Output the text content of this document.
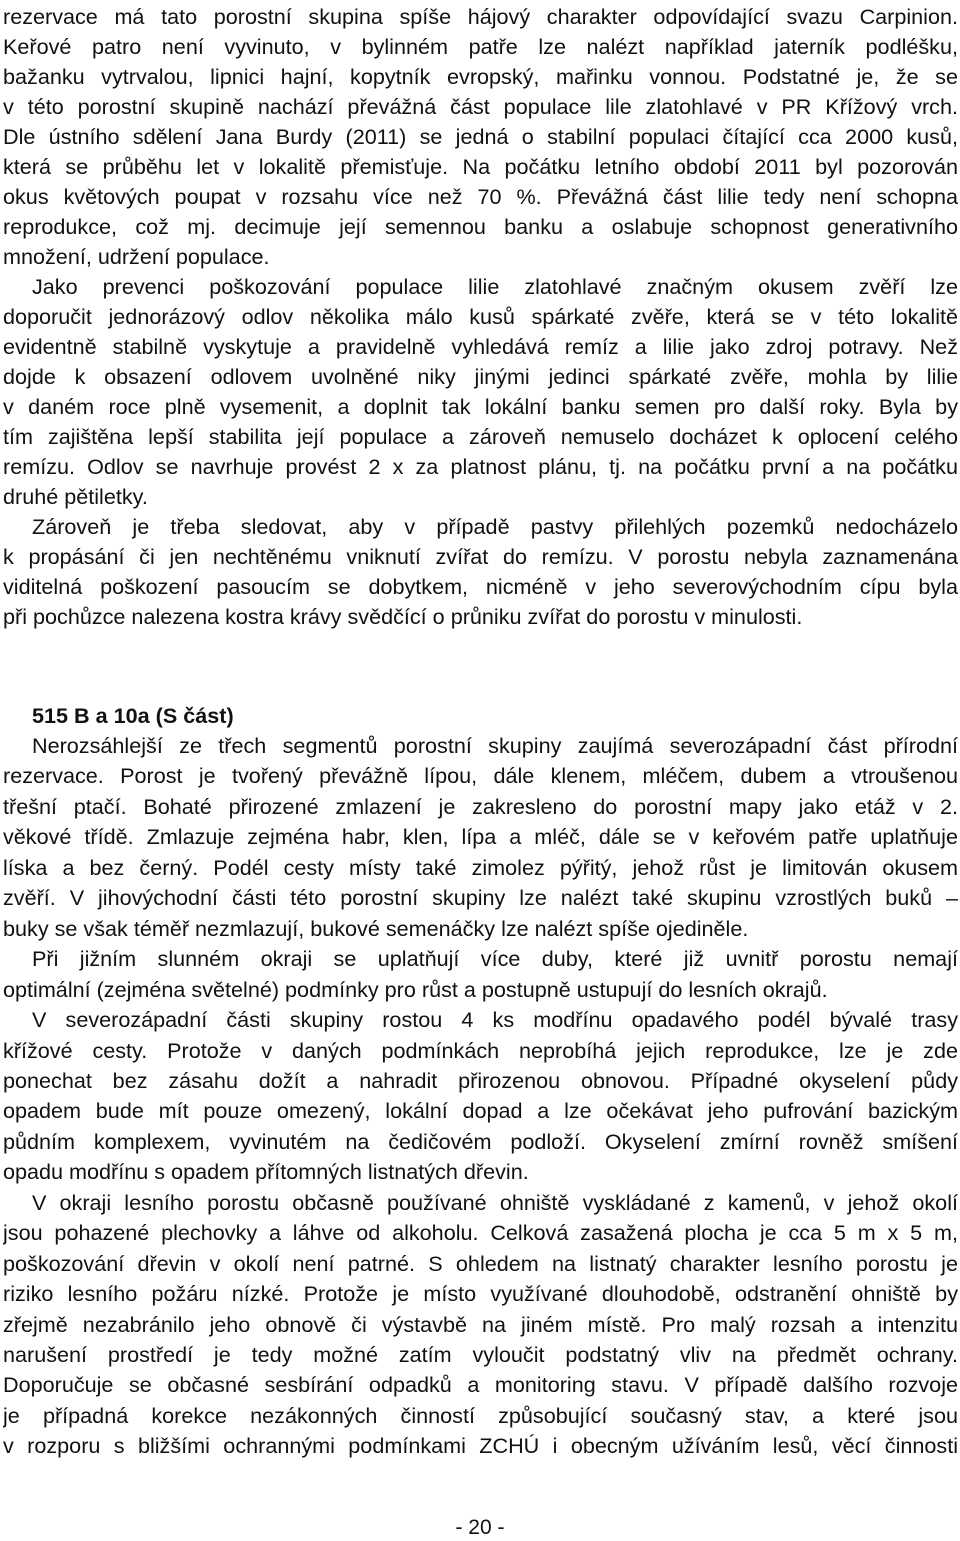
rezervace má tato porostní skupina spíše hájový charakter odpovídající svazu Carpinion.
Keřové patro není vyvinuto, v bylinném patře lze nalézt například jaterník podléšku,
bažanku vytrvalou, lipnici hajní, kopytník evropský, mařinku vonnou. Podstatné je, že se
v této porostní skupině nachází převážná část populace lile zlatohlavé v PR Křížový vrch.
Dle ústního sdělení Jana Burdy (2011) se jedná o stabilní populaci čítající cca 2000 kusů,
která se průběhu let v lokalitě přemisťuje. Na počátku letního období 2011 byl pozorován
okus květových poupat v rozsahu více než 70 %. Převážná část lilie tedy není schopna
reprodukce, což mj. decimuje její semennou banku a oslabuje schopnost generativního
množení, udržení populace.
Jako prevenci poškozování populace lilie zlatohlavé značným okusem zvěří lze
doporučit jednorázový odlov několika málo kusů spárkaté zvěře, která se v této lokalitě
evidentně stabilně vyskytuje a pravidelně vyhledává remíz a lilie jako zdroj potravy. Než
dojde k obsazení odlovem uvolněné niky jinými jedinci spárkaté zvěře, mohla by lilie
v daném roce plně vysemenit, a doplnit tak lokální banku semen pro další roky. Byla by
tím zajištěna lepší stabilita její populace a zároveň nemuselo docházet k oplocení celého
remízu. Odlov se navrhuje provést 2 x za platnost plánu, tj. na počátku první a na počátku
druhé pětiletky.
Zároveň je třeba sledovat, aby v případě pastvy přilehlých pozemků nedocházelo
k propásání či jen nechtěnému vniknutí zvířat do remízu. V porostu nebyla zaznamenána
viditelná poškození pasoucím se dobytkem, nicméně v jeho severovýchodním cípu byla
při pochůzce nalezena kostra krávy svědčící o průniku zvířat do porostu v minulosti.
515 B a 10a (S část)
Nerozsáhlejší ze třech segmentů porostní skupiny zaujímá severozápadní část přírodní
rezervace. Porost je tvořený převážně lípou, dále klenem, mléčem, dubem a vtroušenou
třešní ptačí. Bohaté přirozené zmlazení je zakresleno do porostní mapy jako etáž v 2.
věkové třídě. Zmlazuje zejména habr, klen, lípa a mléč, dále se v keřovém patře uplatňuje
líska a bez černý. Podél cesty místy také zimolez pýřitý, jehož růst je limitován okusem
zvěří. V jihovýchodní části této porostní skupiny lze nalézt také skupinu vzrostlých buků –
buky se však téměř nezmlazují, bukové semenáčky lze nalézt spíše ojediněle.
Při jižním slunném okraji se uplatňují více duby, které již uvnitř porostu nemají
optimální (zejména světelné) podmínky pro růst a postupně ustupují do lesních okrajů.
V severozápadní části skupiny rostou 4 ks modřínu opadavého podél bývalé trasy
křížové cesty. Protože v daných podmínkách neprobíhá jejich reprodukce, lze je zde
ponechat bez zásahu dožít a nahradit přirozenou obnovou. Případné okyselení půdy
opadem bude mít pouze omezený, lokální dopad a lze očekávat jeho pufrování bazickým
půdním komplexem, vyvinutém na čedičovém podloží. Okyselení zmírní rovněž smíšení
opadu modřínu s opadem přítomných listnatých dřevin.
V okraji lesního porostu občasně používané ohniště vyskládané z kamenů, v jehož okolí
jsou pohazené plechovky a láhve od alkoholu. Celková zasažená plocha je cca 5 m x 5 m,
poškozování dřevin v okolí není patrné. S ohledem na listnatý charakter lesního porostu je
riziko lesního požáru nízké. Protože je místo využívané dlouhodobě, odstranění ohniště by
zřejmě nezabránilo jeho obnově či výstavbě na jiném místě. Pro malý rozsah a intenzitu
narušení prostředí je tedy možné zatím vyloučit podstatný vliv na předmět ochrany.
Doporučuje se občasné sesbírání odpadků a monitoring stavu. V případě dalšího rozvoje
je případná korekce nezákonných činností způsobující současný stav, a které jsou
v rozporu s bližšími ochrannými podmínkami ZCHÚ i obecným užíváním lesů, věcí činnosti
- 20 -
